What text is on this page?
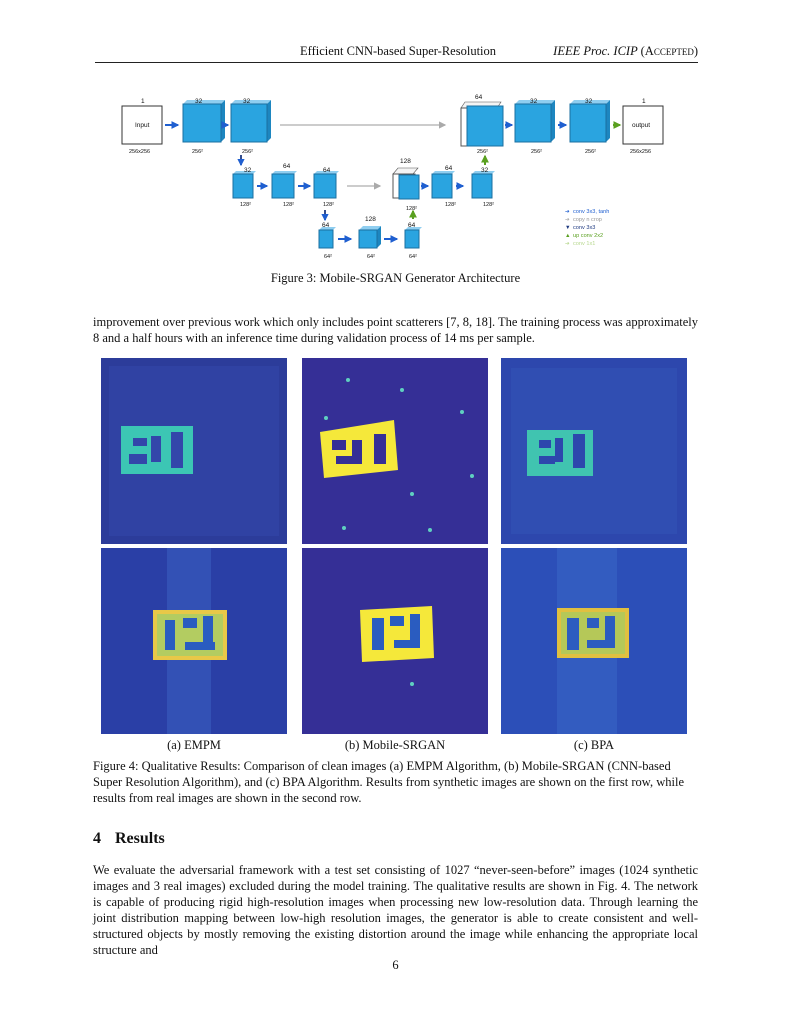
Efficient CNN-based Super-Resolution	IEEE Proc. ICIP (Accepted)
Input
1
256x256
32
256²
32
256²
64
256²
32
256²
32
256²
output
1
256x256
32
128²
64
128²
64
128²
128
128²
64
128²
32
128²
64
64²
128
64²
64
64²
➔ conv 3x3, tanh
➔ copy n crop
▼ conv 3x3
▲ up conv 2x2
➔ conv 1x1
Figure 3: Mobile-SRGAN Generator Architecture
improvement over previous work which only includes point scatterers [7, 8, 18]. The training process was approximately 8 and a half hours with an inference time during validation process of 14 ms per sample.
(a) EMPM	(b) Mobile-SRGAN	(c) BPA
Figure 4: Qualitative Results: Comparison of clean images (a) EMPM Algorithm, (b) Mobile-SRGAN (CNN-based Super Resolution Algorithm), and (c) BPA Algorithm. Results from synthetic images are shown on the first row, while results from real images are shown in the second row.
4 Results
We evaluate the adversarial framework with a test set consisting of 1027 “never-seen-before” images (1024 synthetic images and 3 real images) excluded during the model training. The qualitative results are shown in Fig. 4. The network is capable of producing rigid high-resolution images when processing new low-resolution data. Through learning the joint distribution mapping between low-high resolution images, the generator is able to create consistent and well-structured objects by mostly removing the existing distortion around the image while enhancing the appropriate local structure and
6
